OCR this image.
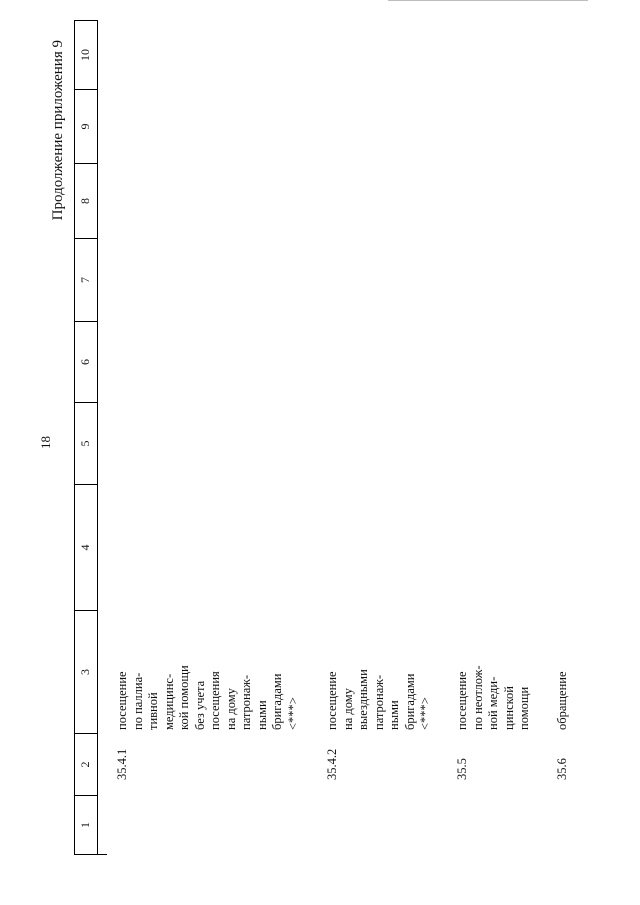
18
Продолжение приложения 9
1
2
3
4
5
6
7
8
9
10
35.4.1
посещение по паллиа- тивной медицинс- кой помощи без учета посещения на дому патронаж- ными бригадами <***>
35.4.2
посещение на дому выездными патронаж- ными бригадами <***>
35.5
посещение по неотлож- ной меди- цинской помощи
35.6
обращение
